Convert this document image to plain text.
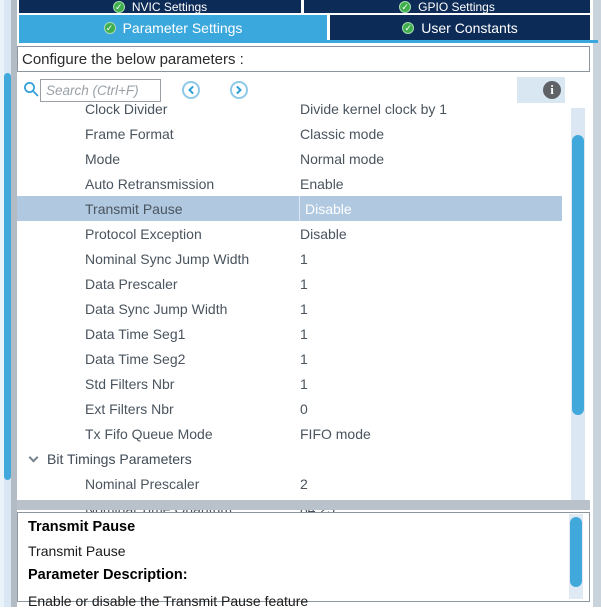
✓ NVIC Settings	✓ GPIO Settings
✓ Parameter Settings	✓ User Constants
Configure the below parameters :
Search (Ctrl+F)
i
Clock Divider	Divide kernel clock by 1
Frame Format	Classic mode
Mode	Normal mode
Auto Retransmission	Enable
Transmit Pause	Disable
Protocol Exception	Disable
Nominal Sync Jump Width	1
Data Prescaler	1
Data Sync Jump Width	1
Data Time Seg1	1
Data Time Seg2	1
Std Filters Nbr	1
Ext Filters Nbr	0
Tx Fifo Queue Mode	FIFO mode
Bit Timings Parameters
Nominal Prescaler	2
Transmit Pause
Transmit Pause
Parameter Description:
Enable or disable the Transmit Pause feature
